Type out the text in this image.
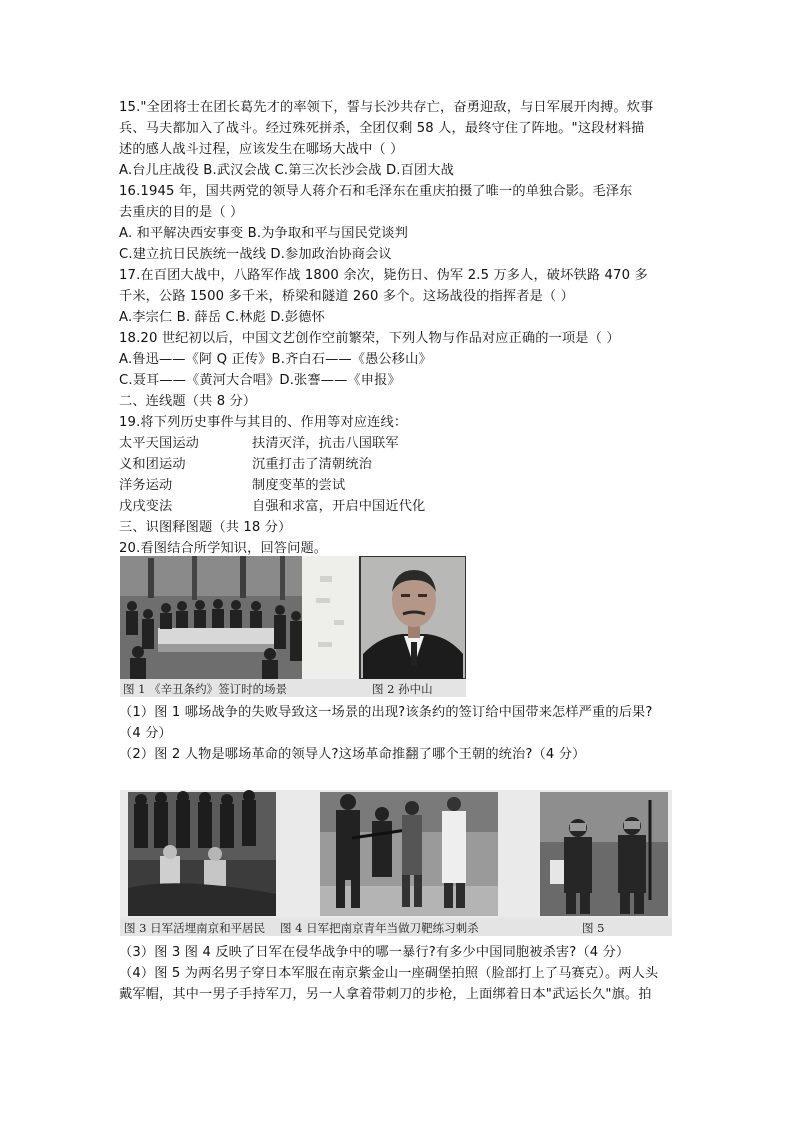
15."全团将士在团长葛先才的率领下，誓与长沙共存亡，奋勇迎敌，与日军展开肉搏。炊事
兵、马夫都加入了战斗。经过殊死拼杀，全团仅剩 58 人，最终守住了阵地。"这段材料描
述的感人战斗过程，应该发生在哪场大战中（ ）
A.台儿庄战役 B.武汉会战 C.第三次长沙会战 D.百团大战
16.1945 年，国共两党的领导人蒋介石和毛泽东在重庆拍摄了唯一的单独合影。毛泽东
去重庆的目的是（ ）
A. 和平解决西安事变 B.为争取和平与国民党谈判
C.建立抗日民族统一战线 D.参加政治协商会议
17.在百团大战中，八路军作战 1800 余次，毙伤日、伪军 2.5 万多人，破坏铁路 470 多
千米，公路 1500 多千米，桥梁和隧道 260 多个。这场战役的指挥者是（ ）
A.李宗仁 B. 薛岳 C.林彪 D.彭德怀
18.20 世纪初以后，中国文艺创作空前繁荣，下列人物与作品对应正确的一项是（ ）
A.鲁迅——《阿 Q 正传》B.齐白石——《愚公移山》
C.聂耳——《黄河大合唱》D.张謇——《申报》
二、连线题（共 8 分）
19.将下列历史事件与其目的、作用等对应连线：
太平天国运动	扶清灭洋，抗击八国联军
义和团运动	沉重打击了清朝统治
洋务运动	制度变革的尝试
戊戌变法	自强和求富，开启中国近代化
三、识图释图题（共 18 分）
20.看图结合所学知识，回答问题。
图 1 《辛丑条约》签订时的场景	图 2 孙中山
（1）图 1 哪场战争的失败导致这一场景的出现?该条约的签订给中国带来怎样严重的后果?
（4 分）
（2）图 2 人物是哪场革命的领导人?这场革命推翻了哪个王朝的统治?（4 分）
图 3 日军活埋南京和平居民 图 4 日军把南京青年当做刀靶练习刺杀	图 5
（3）图 3 图 4 反映了日军在侵华战争中的哪一暴行?有多少中国同胞被杀害?（4 分）
（4）图 5 为两名男子穿日本军服在南京紫金山一座碉堡拍照（脸部打上了马赛克）。两人头
戴军帽，其中一男子手持军刀，另一人拿着带刺刀的步枪，上面绑着日本"武运长久"旗。拍
